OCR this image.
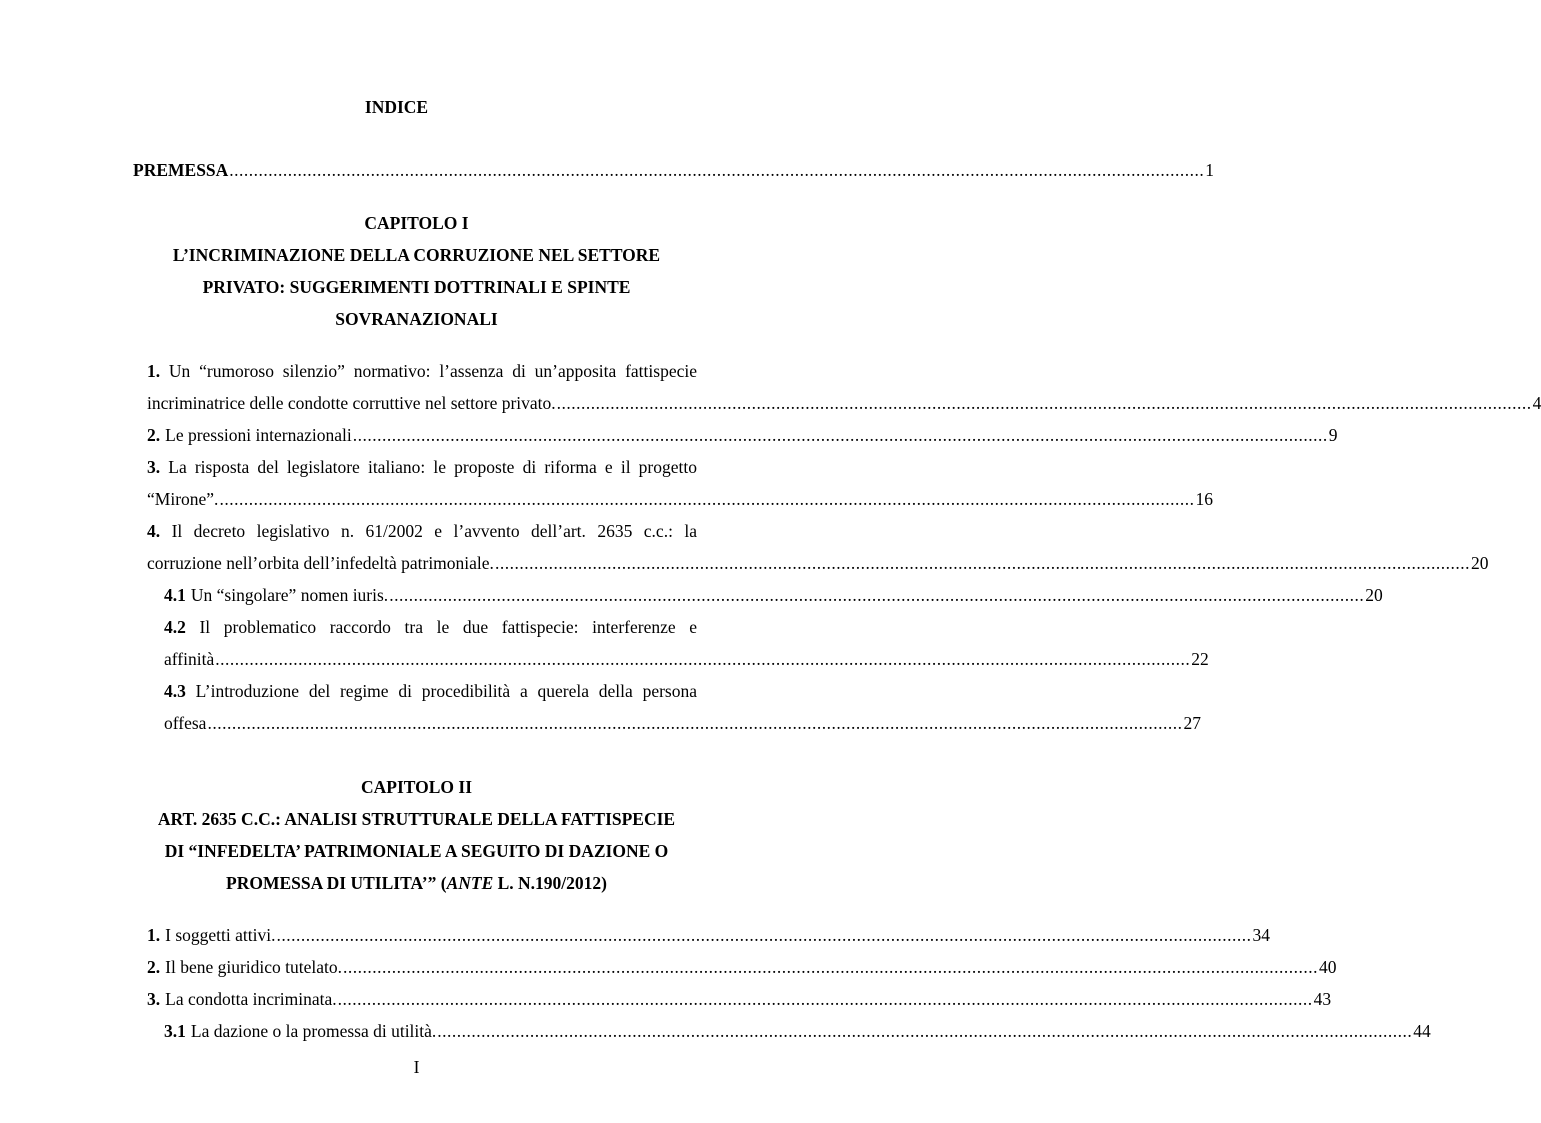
INDICE
PREMESSA ........................................................................................................................................................................................................ 1
CAPITOLO I
L’INCRIMINAZIONE DELLA CORRUZIONE NEL SETTORE
PRIVATO: SUGGERIMENTI DOTTRINALI E SPINTE
SOVRANAZIONALI
1. Un “rumoroso silenzio” normativo: l’assenza di un’apposita fattispecie
incriminatrice delle condotte corruttive nel settore privato. ........................................................................................................................................................................................................ 4
2. Le pressioni internazionali ........................................................................................................................................................................................................ 9
3. La risposta del legislatore italiano: le proposte di riforma e il progetto
“Mirone”. ........................................................................................................................................................................................................ 16
4. Il decreto legislativo n. 61/2002 e l’avvento dell’art. 2635 c.c.: la
corruzione nell’orbita dell’infedeltà patrimoniale. ........................................................................................................................................................................................................ 20
4.1 Un “singolare” nomen iuris. ........................................................................................................................................................................................................ 20
4.2 Il problematico raccordo tra le due fattispecie: interferenze e
affinità ........................................................................................................................................................................................................ 22
4.3 L’introduzione del regime di procedibilità a querela della persona
offesa ........................................................................................................................................................................................................ 27
CAPITOLO II
ART. 2635 C.C.: ANALISI STRUTTURALE DELLA FATTISPECIE
DI “INFEDELTA’ PATRIMONIALE A SEGUITO DI DAZIONE O
PROMESSA DI UTILITA’” (ANTE L. N.190/2012)
1. I soggetti attivi. ........................................................................................................................................................................................................ 34
2. Il bene giuridico tutelato. ........................................................................................................................................................................................................ 40
3. La condotta incriminata. ........................................................................................................................................................................................................ 43
3.1 La dazione o la promessa di utilità. ........................................................................................................................................................................................................ 44
I
